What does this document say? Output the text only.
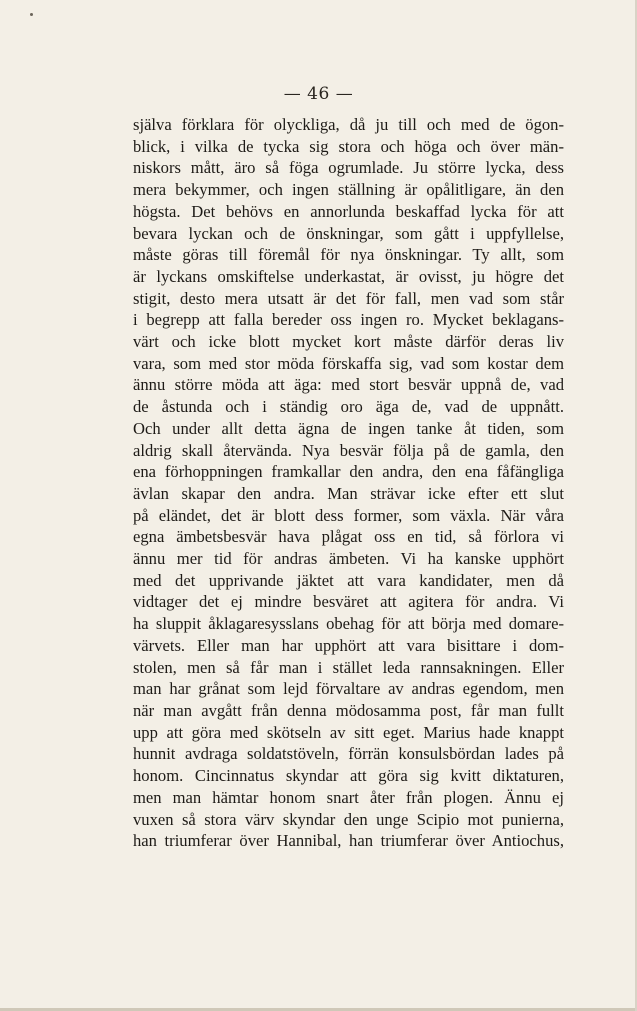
— 46 —
själva förklara för olyckliga, då ju till och med de ögon-
blick, i vilka de tycka sig stora och höga och över män-
niskors mått, äro så föga ogrumlade. Ju större lycka, dess
mera bekymmer, och ingen ställning är opålitligare, än den
högsta. Det behövs en annorlunda beskaffad lycka för att
bevara lyckan och de önskningar, som gått i uppfyllelse,
måste göras till föremål för nya önskningar. Ty allt, som
är lyckans omskiftelse underkastat, är ovisst, ju högre det
stigit, desto mera utsatt är det för fall, men vad som står
i begrepp att falla bereder oss ingen ro. Mycket beklagans-
värt och icke blott mycket kort måste därför deras liv
vara, som med stor möda förskaffa sig, vad som kostar dem
ännu större möda att äga: med stort besvär uppnå de, vad
de åstunda och i ständig oro äga de, vad de uppnått.
Och under allt detta ägna de ingen tanke åt tiden, som
aldrig skall återvända. Nya besvär följa på de gamla, den
ena förhoppningen framkallar den andra, den ena fåfängliga
ävlan skapar den andra. Man strävar icke efter ett slut
på eländet, det är blott dess former, som växla. När våra
egna ämbetsbesvär hava plågat oss en tid, så förlora vi
ännu mer tid för andras ämbeten. Vi ha kanske upphört
med det upprivande jäktet att vara kandidater, men då
vidtager det ej mindre besväret att agitera för andra. Vi
ha sluppit åklagaresysslans obehag för att börja med domare-
värvets. Eller man har upphört att vara bisittare i dom-
stolen, men så får man i stället leda rannsakningen. Eller
man har grånat som lejd förvaltare av andras egendom, men
när man avgått från denna mödosamma post, får man fullt
upp att göra med skötseln av sitt eget. Marius hade knappt
hunnit avdraga soldatstöveln, förrän konsulsbördan lades på
honom. Cincinnatus skyndar att göra sig kvitt diktaturen,
men man hämtar honom snart åter från plogen. Ännu ej
vuxen så stora värv skyndar den unge Scipio mot punierna,
han triumferar över Hannibal, han triumferar över Antiochus,
